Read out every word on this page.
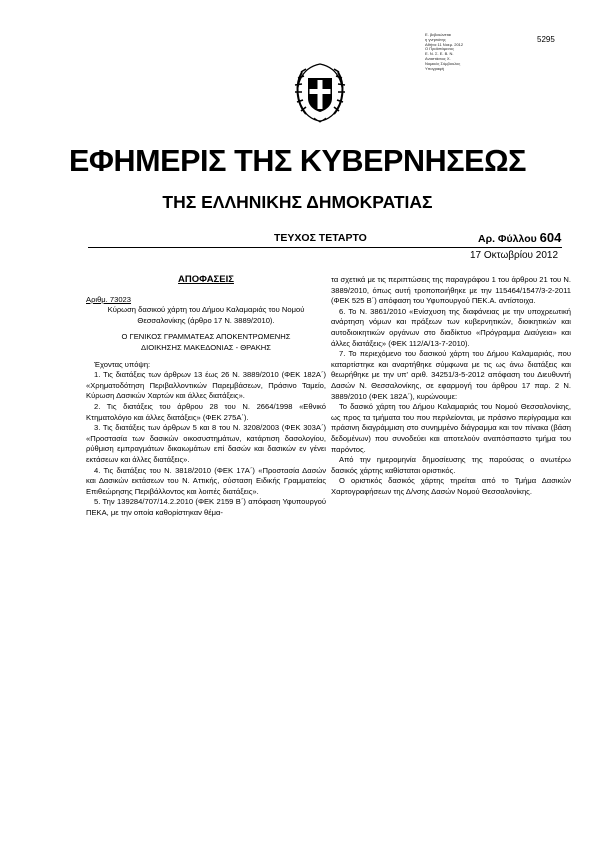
Ε. βεβαιώνεται
η γνησιότης
Αθήνα 11 Νοεμ. 2012
Ο Προϊστάμενος
Ε. Ν. Σ. Ε. Β. Ν.
Αναστάσιος Χ.
Νομικός Σύμβουλος
Υπογραφή
5295
ΕΦΗΜΕΡΙΣ ΤΗΣ ΚΥΒΕΡΝΗΣΕΩΣ
ΤΗΣ ΕΛΛΗΝΙΚΗΣ ΔΗΜΟΚΡΑΤΙΑΣ
ΤΕΥΧΟΣ ΤΕΤΑΡΤΟ	Αρ. Φύλλου 604
17 Οκτωβρίου 2012

ΑΠΟΦΑΣΕΙΣ

Αριθμ. 73023

Κύρωση δασικού χάρτη του Δήμου Καλαμαριάς του Νομού Θεσσαλονίκης (άρθρο 17 Ν. 3889/2010).

Ο ΓΕΝΙΚΟΣ ΓΡΑΜΜΑΤΕΑΣ ΑΠΟΚΕΝΤΡΩΜΕΝΗΣ

ΔΙΟΙΚΗΣΗΣ ΜΑΚΕΔΟΝΙΑΣ - ΘΡΑΚΗΣ

Έχοντας υπόψη:

1. Τις διατάξεις των άρθρων 13 έως 26 Ν. 3889/2010 (ΦΕΚ 182Α΄) «Χρηματοδότηση Περιβαλλοντικών Παρεμβάσεων, Πράσινο Ταμείο, Κύρωση Δασικών Χαρτών και άλλες διατάξεις».

2. Τις διατάξεις του άρθρου 28 του Ν. 2664/1998 «Εθνικό Κτηματολόγιο και άλλες διατάξεις» (ΦΕΚ 275Α΄).

3. Τις διατάξεις των άρθρων 5 και 8 του Ν. 3208/2003 (ΦΕΚ 303Α΄) «Προστασία των δασικών οικοσυστημάτων, κατάρτιση δασολογίου, ρύθμιση εμπραγμάτων δικαιωμάτων επί δασών και δασικών εν γένει εκτάσεων και άλλες διατάξεις».

4. Τις διατάξεις του Ν. 3818/2010 (ΦΕΚ 17Α΄) «Προστασία Δασών και Δασικών εκτάσεων του Ν. Αττικής, σύσταση Ειδικής Γραμματείας Επιθεώρησης Περιβάλλοντος και λοιπές διατάξεις».

5. Την 139284/707/14.2.2010 (ΦΕΚ 2159 Β΄) απόφαση Υφυπουργού ΠΕΚΑ, με την οποία καθορίστηκαν θέμα-

τα σχετικά με τις περιπτώσεις της παραγράφου 1 του άρθρου 21 του Ν. 3889/2010, όπως αυτή τροποποιήθηκε με την 115464/1547/3-2-2011 (ΦΕΚ 525 Β΄) απόφαση του Υφυπουργού ΠΕΚ.Α. αντίστοιχα.

6. Το Ν. 3861/2010 «Ενίσχυση της διαφάνειας με την υποχρεωτική ανάρτηση νόμων και πράξεων των κυβερνητικών, διοικητικών και αυτοδιοικητικών οργάνων στο διαδίκτυο «Πρόγραμμα Διαύγεια» και άλλες διατάξεις» (ΦΕΚ 112/Α/13-7-2010).

7. Το περιεχόμενο του δασικού χάρτη του Δήμου Καλαμαριάς, που καταρτίστηκε και αναρτήθηκε σύμφωνα με τις ως άνω διατάξεις και θεωρήθηκε με την υπ' αριθ. 34251/3-5-2012 απόφαση του Διευθυντή Δασών Ν. Θεσσαλονίκης, σε εφαρμογή του άρθρου 17 παρ. 2 Ν. 3889/2010 (ΦΕΚ 182Α΄), κυρώνουμε:

Το δασικό χάρτη του Δήμου Καλαμαριάς του Νομού Θεσσαλονίκης, ως προς τα τμήματα του που περιλείονται, με πράσινο περίγραμμα και πράσινη διαγράμμιση στο συνημμένο διάγραμμα και τον πίνακα (βάση δεδομένων) που συνοδεύει και αποτελούν αναπόσπαστο τμήμα του παρόντος.

Από την ημερομηνία δημοσίευσης της παρούσας ο ανωτέρω δασικός χάρτης καθίσταται οριστικός.

Ο οριστικός δασικός χάρτης τηρείται από το Τμήμα Δασικών Χαρτογραφήσεων της Δ/νσης Δασών Νομού Θεσσαλονίκης.
